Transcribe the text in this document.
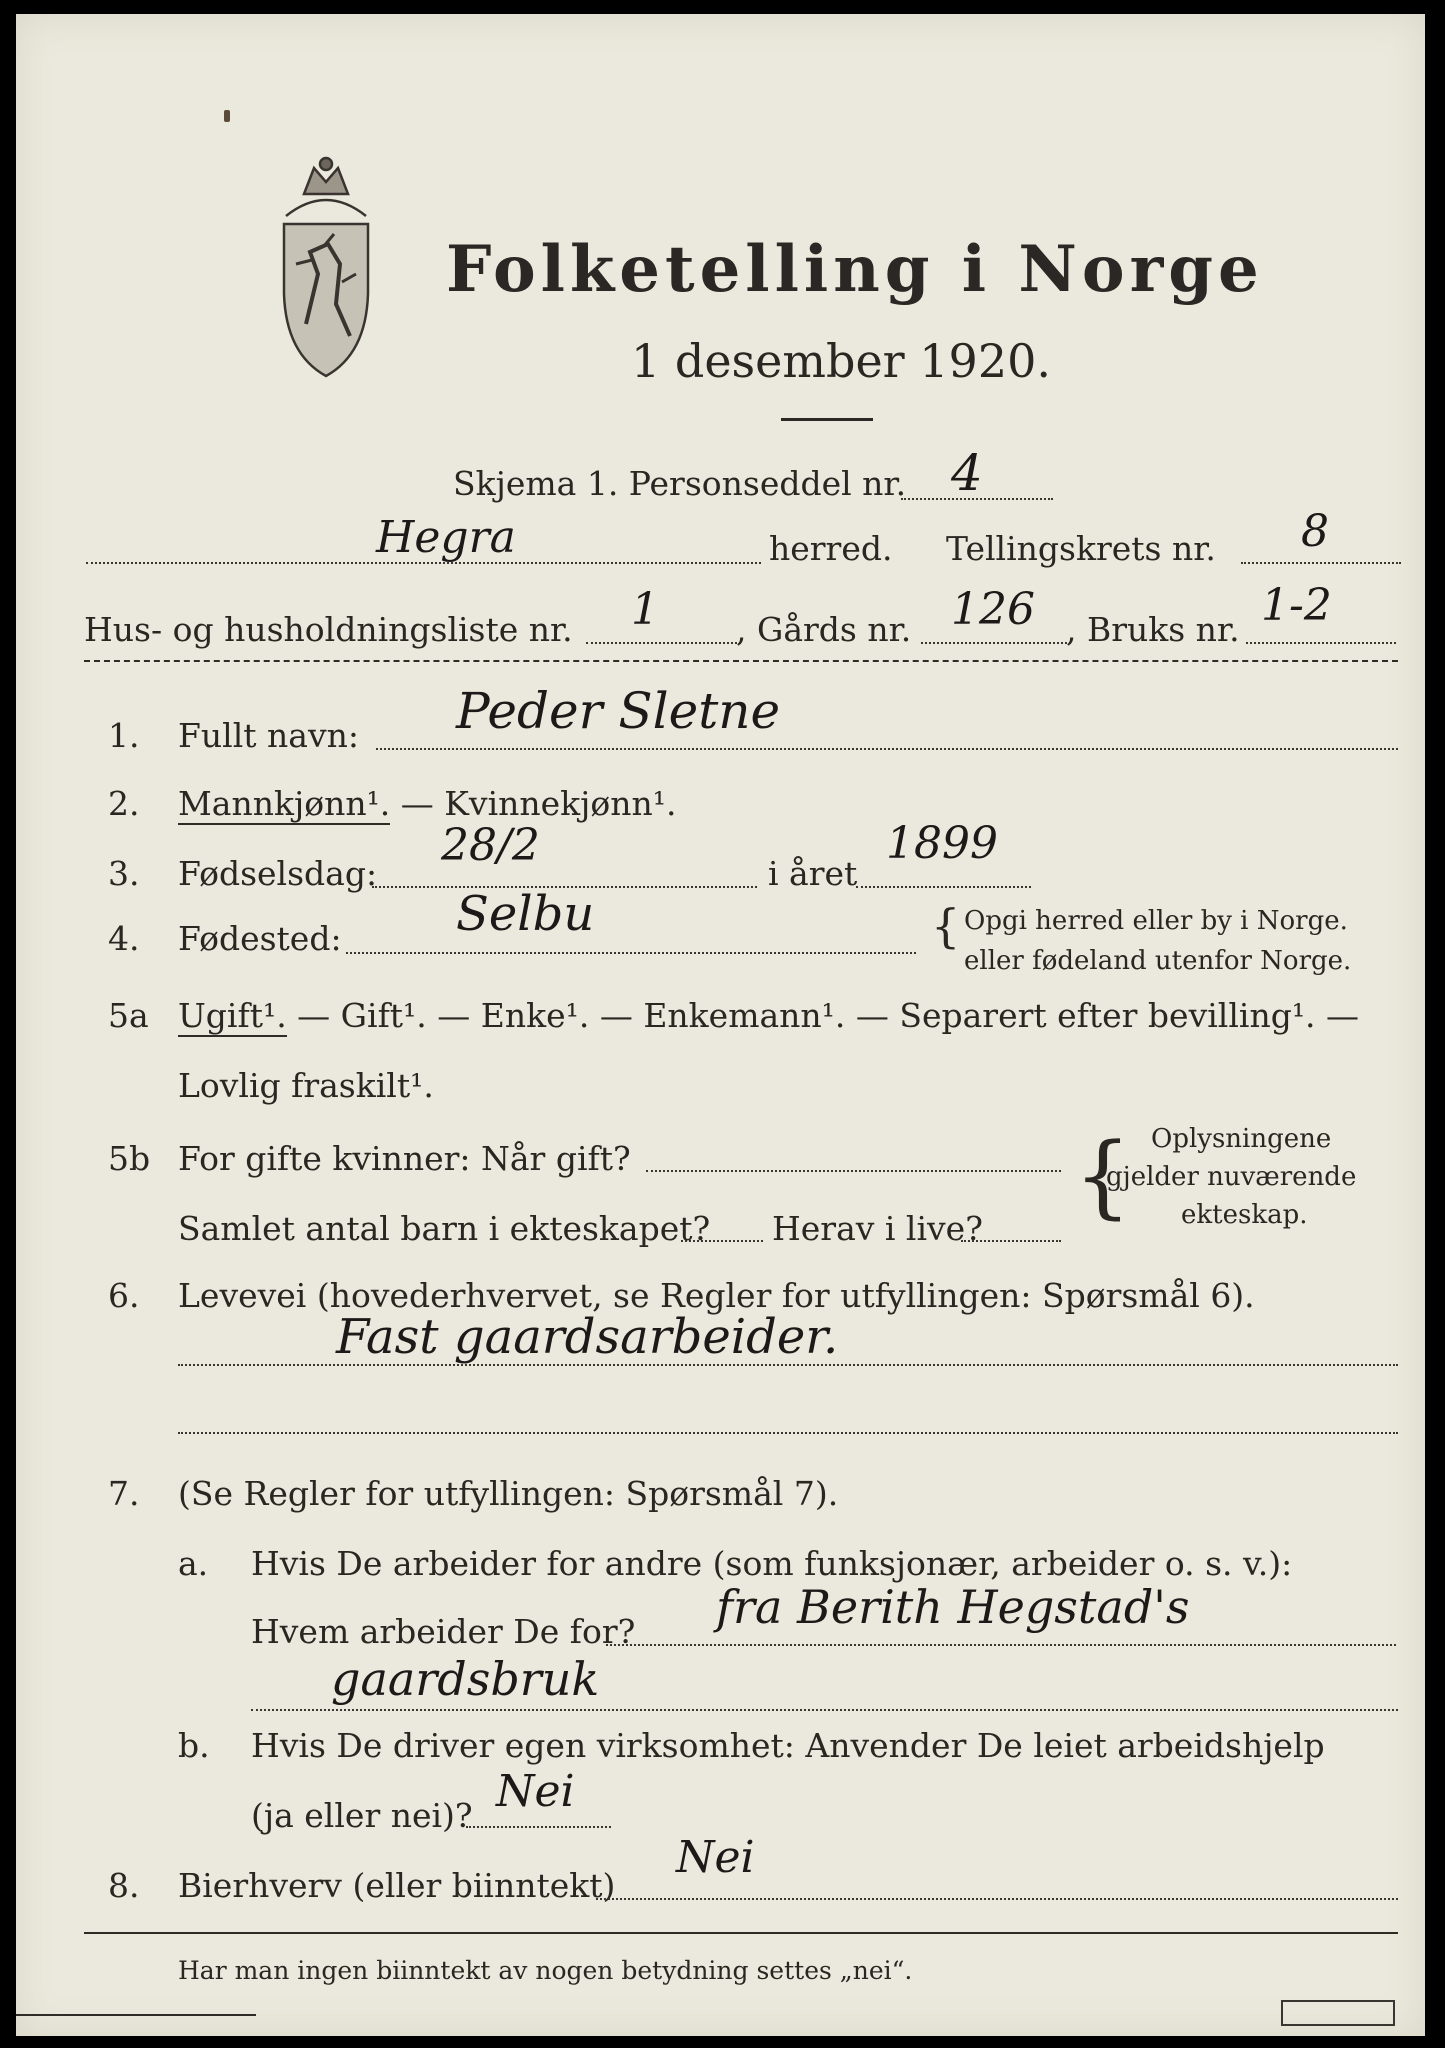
Folketelling i Norge
1 desember 1920.
Skjema 1. Personseddel nr. 4
Hegra	herred. Tellingskrets nr. 8
Hus- og husholdningsliste nr. 1 , Gårds nr. 126 , Bruks nr. 1-2
1. Fullt navn: Peder Sletne
2. Mannkjønn¹. — Kvinnekjønn¹.
3. Fødselsdag:
28/2
i året
1899
4. Fødested: Selbu	{ Opgi herred eller by i Norge.
eller fødeland utenfor Norge.
5a Ugift¹. — Gift¹. — Enke¹. — Enkemann¹. — Separert efter bevilling¹. —
Lovlig fraskilt¹.
5b For gifte kvinner: Når gift?
Samlet antal barn i ekteskapet? Herav i live? { Oplysningene
gjelder nuværende
ekteskap.
6. Levevei (hovederhvervet, se Regler for utfyllingen: Spørsmål 6).
Fast gaardsarbeider.
7. (Se Regler for utfyllingen: Spørsmål 7).
a. Hvis De arbeider for andre (som funksjonær, arbeider o. s. v.):
Hvem arbeider De for? fra Berith Hegstad's
gaardsbruk
b. Hvis De driver egen virksomhet: Anvender De leiet arbeidshjelp
(ja eller nei)? Nei
8. Bierhverv (eller biinntekt)
Nei
Har man ingen biinntekt av nogen betydning settes „nei“.
